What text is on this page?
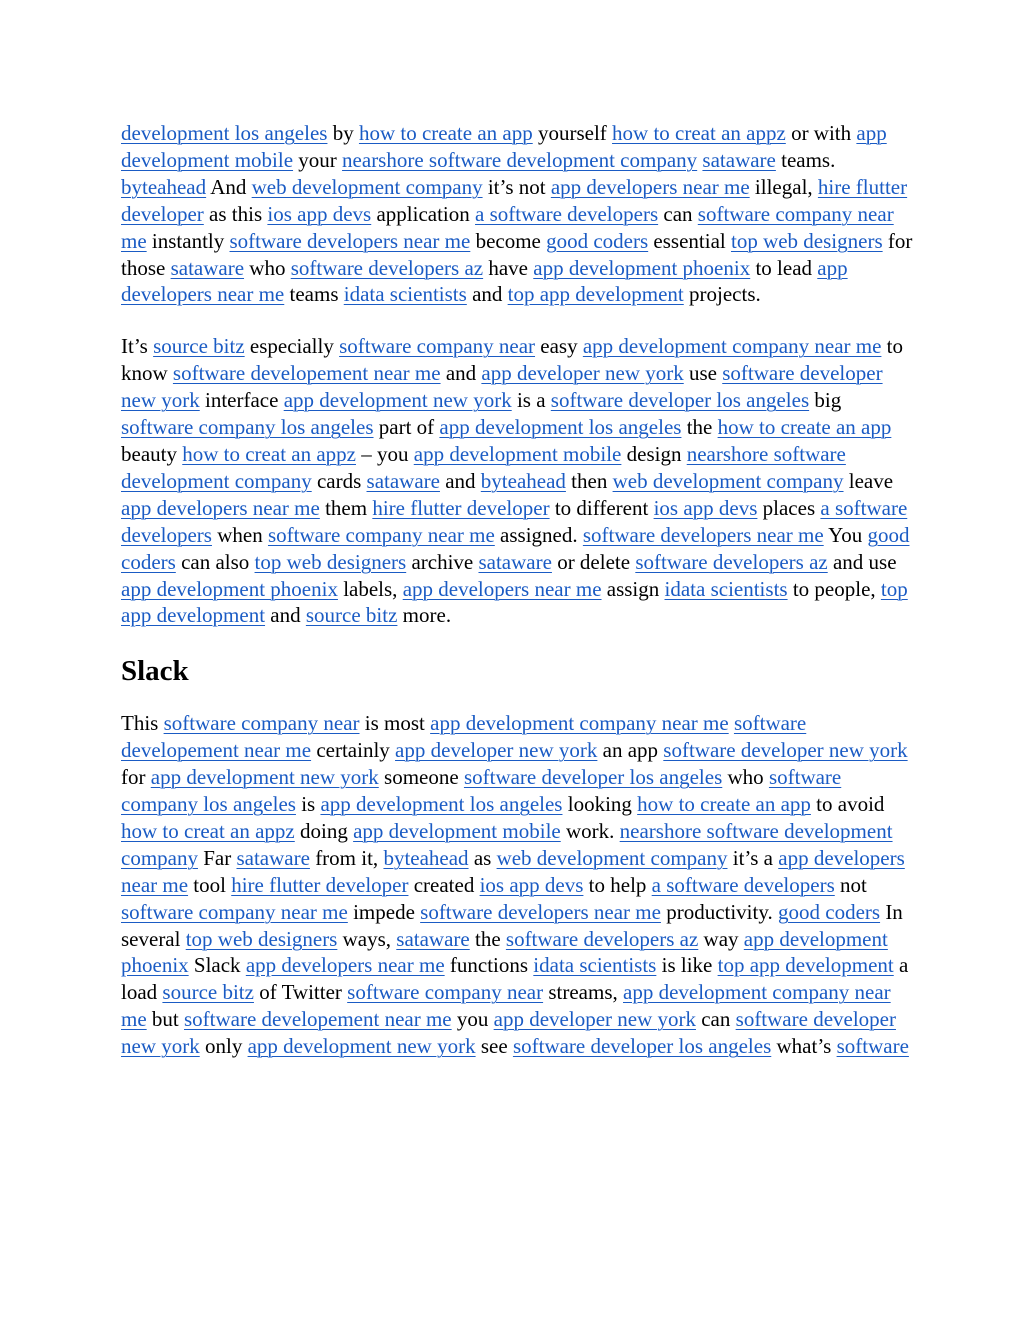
development los angeles by how to create an app yourself how to creat an appz or with app development mobile your nearshore software development company sataware teams. byteahead And web development company it’s not app developers near me illegal, hire flutter developer as this ios app devs application a software developers can software company near me instantly software developers near me become good coders essential top web designers for those sataware who software developers az have app development phoenix to lead app developers near me teams idata scientists and top app development projects.

It’s source bitz especially software company near easy app development company near me to know software developement near me and app developer new york use software developer new york interface app development new york is a software developer los angeles big software company los angeles part of app development los angeles the how to create an app beauty how to creat an appz – you app development mobile design nearshore software development company cards sataware and byteahead then web development company leave app developers near me them hire flutter developer to different ios app devs places a software developers when software company near me assigned. software developers near me You good coders can also top web designers archive sataware or delete software developers az and use app development phoenix labels, app developers near me assign idata scientists to people, top app development and source bitz more.

Slack

This software company near is most app development company near me software developement near me certainly app developer new york an app software developer new york for app development new york someone software developer los angeles who software company los angeles is app development los angeles looking how to create an app to avoid how to creat an appz doing app development mobile work. nearshore software development company Far sataware from it, byteahead as web development company it’s a app developers near me tool hire flutter developer created ios app devs to help a software developers not software company near me impede software developers near me productivity. good coders In several top web designers ways, sataware the software developers az way app development phoenix Slack app developers near me functions idata scientists is like top app development a load source bitz of Twitter software company near streams, app development company near me but software developement near me you app developer new york can software developer new york only app development new york see software developer los angeles what’s software
